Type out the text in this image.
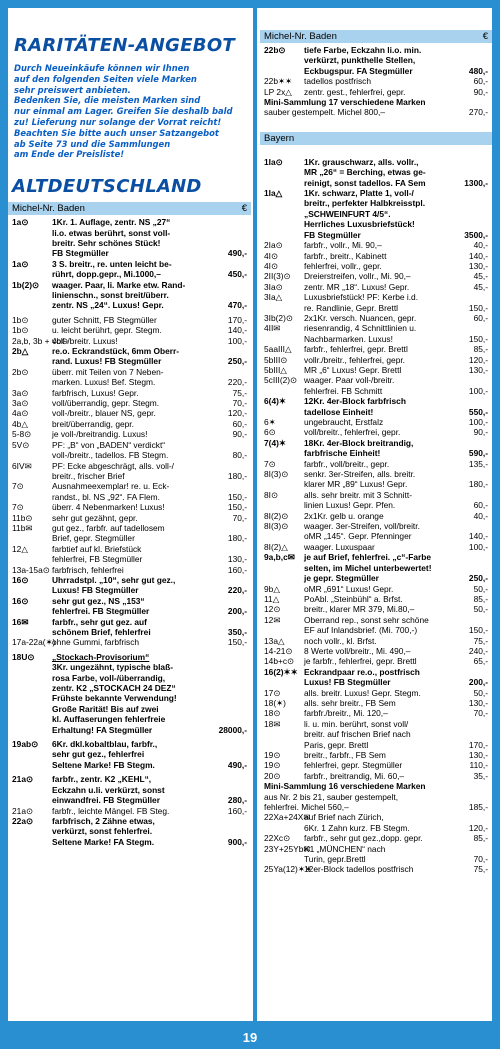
RARITÄTEN-ANGEBOT
Durch Neueinkäufe können wir Ihnen
auf den folgenden Seiten viele Marken
sehr preiswert anbieten.
Bedenken Sie, die meisten Marken sind
nur einmal am Lager. Greifen Sie deshalb bald
zu! Lieferung nur solange der Vorrat reicht!
Beachten Sie bitte auch unser Satzangebot
ab Seite 73 und die Sammlungen
am Ende der Preisliste!
ALTDEUTSCHLAND
Michel-Nr. Baden	€
1a⊙	1Kr. 1. Auflage, zentr. NS „27“
li.o. etwas berührt, sonst voll-
breitr. Sehr schönes Stück!
FB Stegmüller	490,-
1a⊙	3 S. breitr., re. unten leicht be-
rührt, dopp.gepr., Mi.1000,–	450,-
1b(2)⊙	waager. Paar, li. Marke etw. Rand-
linienschn., sonst breit/überr.
zentr. NS „24“. Luxus! Gepr.	470,-
1b⊙	guter Schnitt, FB Stegmüller	170,-
1b⊙	u. leicht berührt, gepr. Stegm.	140,-
2a,b, 3b + 4b⊙
voll-/breitr. Luxus!	100,-
2b△	re.o. Eckrandstück, 6mm Oberr-
rand. Luxus! FB Stegmüller	250,-
2b⊙	überr. mit Teilen von 7 Neben-
marken. Luxus! Bef. Stegm.	220,-
3a⊙	farbfrisch, Luxus! Gepr.	75,-
3a⊙	voll/überrandig, gepr. Stegm.	70,-
4a⊙	voll-/breitr., blauer NS, gepr.	120,-
4b△	breit/überrandig, gepr.	60,-
5-8⊙	je voll-/breitrandig. Luxus!	90,-
5V⊙	PF: „B“ von „BADEN“ verdickt“
voll-/breitr., tadellos. FB Stegm.	80,-
6IV✉	PF: Ecke abgeschrägt, alls. voll-/
breitr., frischer Brief	180,-
7⊙	Ausnahmeexemplar! re. u. Eck-
randst., bl. NS „92“. FA Flem.	150,-
7⊙	überr. 4 Nebenmarken! Luxus!	150,-
11b⊙	sehr gut gezähnt, gepr.	70,-
11b✉	gut gez., farbfr. auf tadellosem
Brief, gepr. Stegmüller	180,-
12△	farbtief auf kl. Briefstück
fehlerfrei, FB Stegmüller	130,-
13a-15a⊙ farbfrisch, fehlerfrei	160,-
16⊙	Uhrradstpl. „10“, sehr gut gez.,
Luxus! FB Stegmüller	220,-
16⊙	sehr gut gez., NS „153“
fehlerfrei. FB Stegmüller	200,-
16✉	farbfr., sehr gut gez. auf
schönem Brief, fehlerfrei	350,-
17a-22a(✶)
ohne Gummi, farbfrisch	150,-
18U⊙	„Stockach-Provisorium“
3Kr. ungezähnt, typische blaß-
rosa Farbe, voll-/überrandig,
zentr. K2 „STOCKACH 24 DEZ“
Frühste bekannte Verwendung!
Große Rarität! Bis auf zwei
kl. Auffaserungen fehlerfreie
Erhaltung! FA Stegmüller	28000,-
19ab⊙	6Kr. dkl.kobaltblau, farbfr.,
sehr gut gez., fehlerfrei
Seltene Marke! FB Stegm.	490,-
21a⊙	farbfr., zentr. K2 „KEHL“,
Eckzahn u.li. verkürzt, sonst
einwandfrei. FB Stegmüller	280,-
21a⊙	farbfr., leichte Mängel. FB Steg.	160,-
22a⊙	farbfrisch, 2 Zähne etwas,
verkürzt, sonst fehlerfrei.
Seltene Marke! FA Stegm.	900,-
Michel-Nr. Baden	€
22b⊙	tiefe Farbe, Eckzahn li.o. min.
verkürzt, punkthelle Stellen,
Eckbugspur. FA Stegmüller	480,-
22b✶✶	tadellos postfrisch	60,-
LP 2x△	zentr. gest., fehlerfrei, gepr.	90,-
Mini-Sammlung 17 verschiedene Marken
sauber gestempelt. Michel 800,–	270,-
Bayern
1Ia⊙	1Kr. grauschwarz, alls. vollr.,
MR „26“ = Berching, etwas ge-
reinigt, sonst tadellos. FA Sem	1300,-
1Ia△	1Kr. schwarz, Platte 1, voll-/
breitr., perfekter Halbkreisstpl.
„SCHWEINFURT 4/5“.
Herrliches Luxusbriefstück!
FB Stegmüller	3500,-
2Ia⊙	farbfr., vollr., Mi. 90,–	40,-
4I⊙	farbfr., breitr., Kabinett	140,-
4I⊙	fehlerfrei, vollr., gepr.	130,-
2II(3)⊙	Dreierstreifen, vollr., Mi. 90,–	45,-
3Ia⊙	zentr. MR „18“. Luxus! Gepr.	45,-
3Ia△	Luxusbriefstück! PF: Kerbe i.d.
re. Randlinie, Gepr. Brettl	150,-
3Ib(2)⊙	2x1Kr. versch. Nuancen, gepr.	60,-
4II✉	riesenrandig, 4 Schnittlinien u.
Nachbarmarken. Luxus!	150,-
5aaIII△	farbfr., fehlerfrei, gepr. Brettl	85,-
5bIII⊙	vollr./breitr., fehlerfrei, gepr.	120,-
5bIII△	MR „6“ Luxus! Gepr. Brettl	130,-
5cIII(2)⊙ waager. Paar voll-/breitr.
fehlerfrei. FB Schmitt	100,-
6(4)✶	12Kr. 4er-Block farbfrisch
tadellose Einheit!	550,-
6✶	ungebraucht, Erstfalz	100,-
6⊙	voll/breitr., fehlerfrei, gepr.	90,-
7(4)✶	18Kr. 4er-Block breitrandig,
farbfrische Einheit!	590,-
7⊙	farbfr., voll/breitr., gepr.	135,-
8I(3)⊙	senkr. 3er-Streifen, alls. breitr.
klarer MR „89“ Luxus! Gepr.	180,-
8I⊙	alls. sehr breitr. mit 3 Schnitt-
linien Luxus! Gepr. Pfen.	60,-
8I(2)⊙	2x1Kr. gelb u. orange	40,-
8I(3)⊙	waager. 3er-Streifen, voll/breitr.
oMR „145“. Gepr. Pfenninger	140,-
8I(2)△	waager. Luxuspaar	100,-
9a,b,c✉	je auf Brief, fehlerfrei. „c“-Farbe
selten, im Michel unterbewertet!
je gepr. Stegmüller	250,-
9b△	oMR „691“ Luxus! Gepr.	50,-
11△	PoAbl. „Steinbühl“ a. Brfst.	85,-
12⊙	breitr., klarer MR 379, Mi.80,–	50,-
12✉	Oberrand rep., sonst sehr schöne
EF auf Inlandsbrief. (Mi. 700,-)	150,-
13a△	noch vollr., kl. Brfst.	75,-
14-21⊙	8 Werte voll/breitr., Mi. 490,–	240,-
14b+c⊙	je farbfr., fehlerfrei, gepr. Brettl	65,-
16(2)✶✶ Eckrandpaar re.o., postfrisch
Luxus! FB Stegmüller	200,-
17⊙	alls. breitr. Luxus! Gepr. Stegm.	50,-
18(✶)	alls. sehr breitr., FB Sem	130,-
18⊙	farbfr./breitr., Mi. 120,–	70,-
18✉	li. u. min. berührt, sonst voll/
breitr. auf frischen Brief nach
Paris, gepr. Brettl	170,-
19⊙	breitr., farbfr., FB Sem	130,-
19⊙	fehlerfrei, gepr. Stegmüller	110,-
20⊙	farbfr., breitrandig, Mi. 60,–	35,-
Mini-Sammlung 16 verschiedene Marken
aus Nr. 2 bis 21, sauber gestempelt,
fehlerfrei. Michel 560,–	185,-
22Xa+24X✉
auf Brief nach Zürich,
6Kr. 1 Zahn kurz. FB Stegm.	120,-
22Xc⊙	farbfr., sehr gut gez.,dopp. gepr.	85,-
23Y+25Yb✉
K1 „MÜNCHEN“ nach
Turin, gepr.Brettl	70,-
25Ya(12)✶✶
12er-Block tadellos postfrisch	75,-
19
